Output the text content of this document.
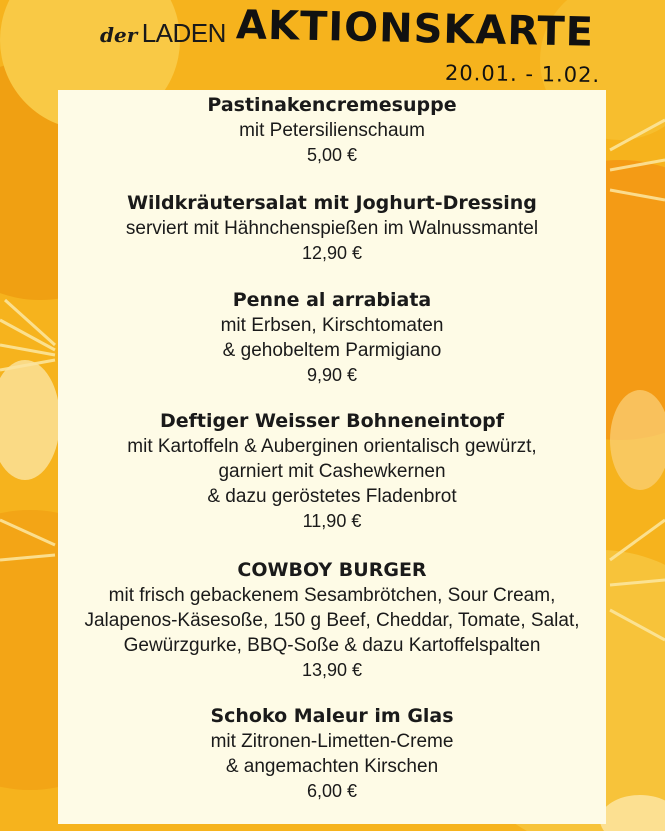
der LADEN AKTIONSKARTE
20.01. - 1.02.
Pastinakencremesuppe
mit Petersilienschaum
5,00 €
Wildkräutersalat mit Joghurt-Dressing
serviert mit Hähnchenspießen im Walnussmantel
12,90 €
Penne al arrabiata
mit Erbsen, Kirschtomaten
& gehobeltem Parmigiano
9,90 €
Deftiger Weisser Bohneneintopf
mit Kartoffeln & Auberginen orientalisch gewürzt,
garniert mit Cashewkernen
& dazu geröstetes Fladenbrot
11,90 €
COWBOY BURGER
mit frisch gebackenem Sesambrötchen, Sour Cream,
Jalapenos-Käsesoße, 150 g Beef, Cheddar, Tomate, Salat,
Gewürzgurke, BBQ-Soße & dazu Kartoffelspalten
13,90 €
Schoko Maleur im Glas
mit Zitronen-Limetten-Creme
& angemachten Kirschen
6,00 €
